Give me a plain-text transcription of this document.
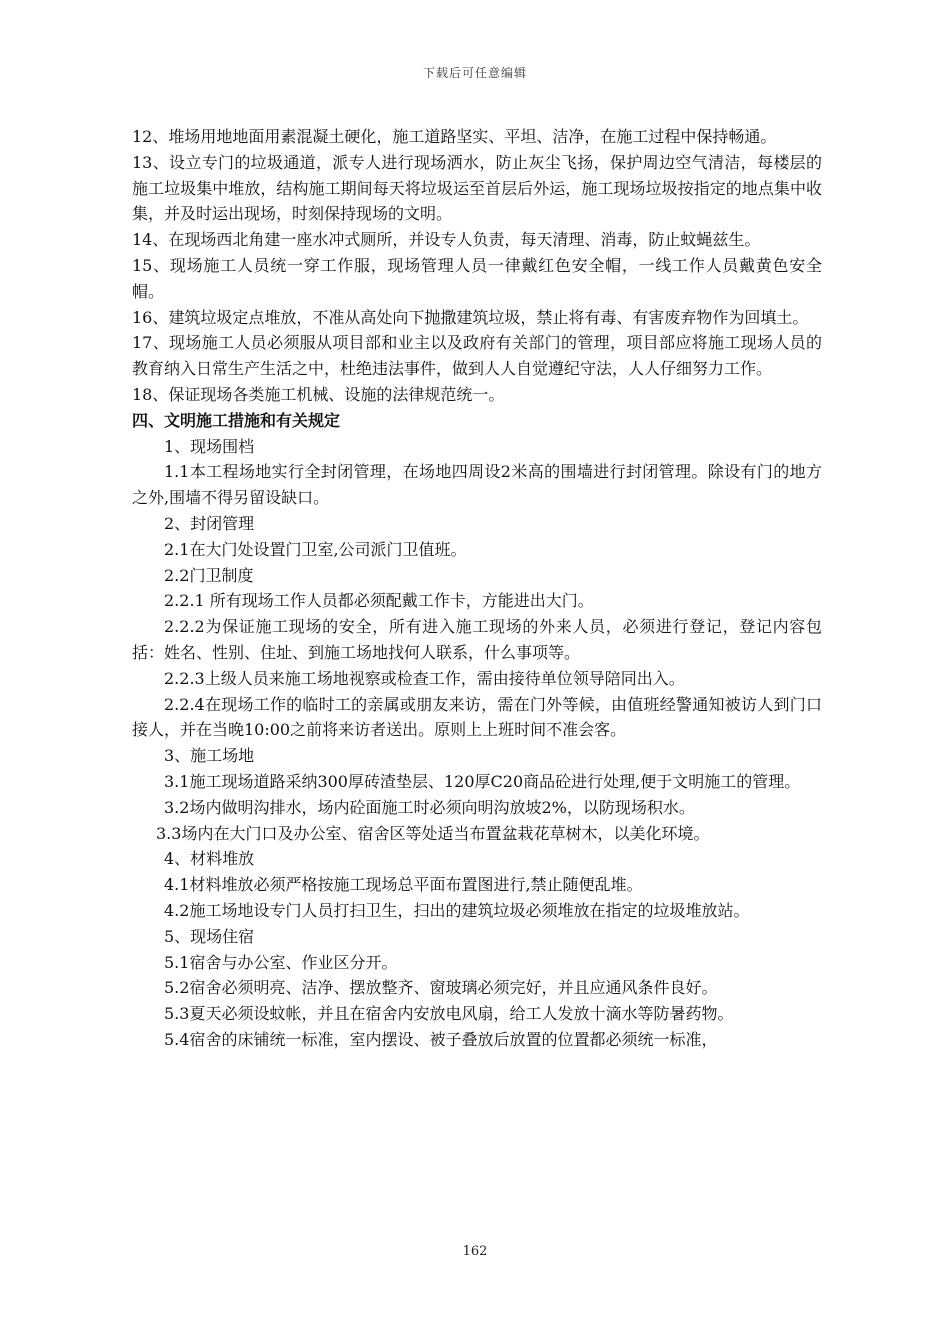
下载后可任意编辑

12、堆场用地地面用素混凝土硬化，施工道路坚实、平坦、洁净，在施工过程中保持畅通。

13、设立专门的垃圾通道，派专人进行现场洒水，防止灰尘飞扬，保护周边空气清洁，每楼层的施工垃圾集中堆放，结构施工期间每天将垃圾运至首层后外运，施工现场垃圾按指定的地点集中收集，并及时运出现场，时刻保持现场的文明。

14、在现场西北角建一座水冲式厕所，并设专人负责，每天清理、消毒，防止蚊蝇兹生。

15、现场施工人员统一穿工作服，现场管理人员一律戴红色安全帽，一线工作人员戴黄色安全帽。

16、建筑垃圾定点堆放，不准从高处向下抛撒建筑垃圾，禁止将有毒、有害废弃物作为回填土。

17、现场施工人员必须服从项目部和业主以及政府有关部门的管理，项目部应将施工现场人员的教育纳入日常生产生活之中，杜绝违法事件，做到人人自觉遵纪守法，人人仔细努力工作。

18、保证现场各类施工机械、设施的法律规范统一。

四、文明施工措施和有关规定

1、现场围档

1.1本工程场地实行全封闭管理，在场地四周设2米高的围墙进行封闭管理。除设有门的地方之外,围墙不得另留设缺口。

2、封闭管理

2.1在大门处设置门卫室,公司派门卫值班。

2.2门卫制度

2.2.1 所有现场工作人员都必须配戴工作卡，方能进出大门。

2.2.2为保证施工现场的安全，所有进入施工现场的外来人员，必须进行登记，登记内容包括：姓名、性别、住址、到施工场地找何人联系，什么事项等。

2.2.3上级人员来施工场地视察或检查工作，需由接待单位领导陪同出入。

2.2.4在现场工作的临时工的亲属或朋友来访，需在门外等候，由值班经警通知被访人到门口接人，并在当晚10:00之前将来访者送出。原则上上班时间不准会客。

3、施工场地

3.1施工现场道路采纳300厚砖渣垫层、120厚C20商品砼进行处理,便于文明施工的管理。

3.2场内做明沟排水，场内砼面施工时必须向明沟放坡2%，以防现场积水。

3.3场内在大门口及办公室、宿舍区等处适当布置盆栽花草树木，以美化环境。

4、材料堆放

4.1材料堆放必须严格按施工现场总平面布置图进行,禁止随便乱堆。

4.2施工场地设专门人员打扫卫生，扫出的建筑垃圾必须堆放在指定的垃圾堆放站。

5、现场住宿

5.1宿舍与办公室、作业区分开。

5.2宿舍必须明亮、洁净、摆放整齐、窗玻璃必须完好，并且应通风条件良好。

5.3夏天必须设蚊帐，并且在宿舍内安放电风扇，给工人发放十滴水等防暑药物。

5.4宿舍的床铺统一标准，室内摆设、被子叠放后放置的位置都必须统一标准，

162
